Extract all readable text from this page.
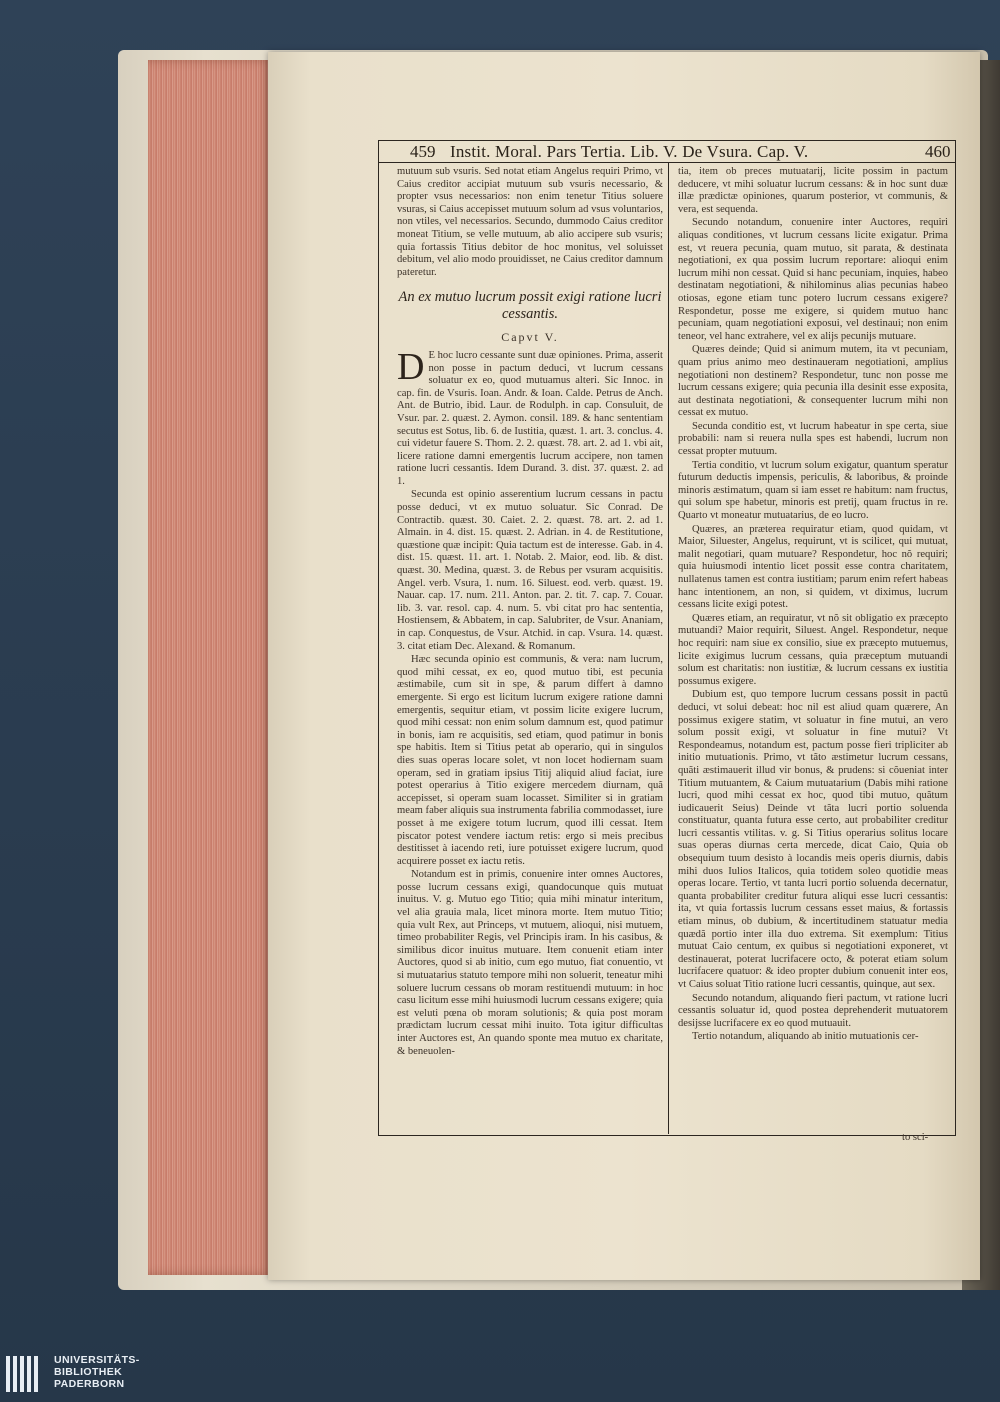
459 Instit. Moral. Pars Tertia. Lib. V. De Vsura. Cap. V.	460

mutuum sub vsuris. Sed notat etiam Angelus requiri Primo, vt Caius creditor accipiat mutuum sub vsuris necessario, & propter vsus necessarios: non enim tenetur Titius soluere vsuras, si Caius accepisset mutuum solum ad vsus voluntarios, non vtiles, vel necessarios. Secundo, dummodo Caius creditor moneat Titium, se velle mutuum, ab alio accipere sub vsuris; quia fortassis Titius debitor de hoc monitus, vel soluisset debitum, vel alio modo prouidisset, ne Caius creditor damnum pateretur.

An ex mutuo lucrum possit exigi ratione lucri cessantis.
Capvt V.

D E hoc lucro cessante sunt duæ opiniones. Prima, asserit non posse in pactum deduci, vt lucrum cessans soluatur ex eo, quod mutuamus alteri. Sic Innoc. in cap. fin. de Vsuris. Ioan. Andr. & Ioan. Calde. Petrus de Anch. Ant. de Butrio, ibid. Laur. de Rodulph. in cap. Consuluit, de Vsur. par. 2. quæst. 2. Aymon. consil. 189. & hanc sententiam secutus est Sotus, lib. 6. de Iustitia, quæst. 1. art. 3. conclus. 4. cui videtur fauere S. Thom. 2. 2. quæst. 78. art. 2. ad 1. vbi ait, licere ratione damni emergentis lucrum accipere, non tamen ratione lucri cessantis. Idem Durand. 3. dist. 37. quæst. 2. ad 1.

Secunda est opinio asserentium lucrum cessans in pactu posse deduci, vt ex mutuo soluatur. Sic Conrad. De Contractib. quæst. 30. Caiet. 2. 2. quæst. 78. art. 2. ad 1. Almain. in 4. dist. 15. quæst. 2. Adrian. in 4. de Restitutione, quæstione quæ incipit: Quia tactum est de interesse. Gab. in 4. dist. 15. quæst. 11. art. 1. Notab. 2. Maior, eod. lib. & dist. quæst. 30. Medina, quæst. 3. de Rebus per vsuram acquisitis. Angel. verb. Vsura, 1. num. 16. Siluest. eod. verb. quæst. 19. Nauar. cap. 17. num. 211. Anton. par. 2. tit. 7. cap. 7. Couar. lib. 3. var. resol. cap. 4. num. 5. vbi citat pro hac sententia, Hostiensem, & Abbatem, in cap. Salubriter, de Vsur. Ananiam, in cap. Conquestus, de Vsur. Atchid. in cap. Vsura. 14. quæst. 3. citat etiam Dec. Alexand. & Romanum.

Hæc secunda opinio est communis, & vera: nam lucrum, quod mihi cessat, ex eo, quod mutuo tibi, est pecunia æstimabile, cum sit in spe, & parum differt à damno emergente. Si ergo est licitum lucrum exigere ratione damni emergentis, sequitur etiam, vt possim licite exigere lucrum, quod mihi cessat: non enim solum damnum est, quod patimur in bonis, iam re acquisitis, sed etiam, quod patimur in bonis spe habitis. Item si Titius petat ab operario, qui in singulos dies suas operas locare solet, vt non locet hodiernam suam operam, sed in gratiam ipsius Titij aliquid aliud faciat, iure potest operarius à Titio exigere mercedem diurnam, quã accepisset, si operam suam locasset. Similiter si in gratiam meam faber aliquis sua instrumenta fabrilia commodasset, iure posset à me exigere totum lucrum, quod illi cessat. Item piscator potest vendere iactum retis: ergo si meis precibus destitisset à iacendo reti, iure potuisset exigere lucrum, quod acquirere posset ex iactu retis.

Notandum est in primis, conuenire inter omnes Auctores, posse lucrum cessans exigi, quandocunque quis mutuat inuitus. V. g. Mutuo ego Titio; quia mihi minatur interitum, vel alia grauia mala, licet minora morte. Item mutuo Titio; quia vult Rex, aut Princeps, vt mutuem, alioqui, nisi mutuem, timeo probabiliter Regis, vel Principis iram. In his casibus, & similibus dicor inuitus mutuare. Item conuenit etiam inter Auctores, quod si ab initio, cum ego mutuo, fiat conuentio, vt si mutuatarius statuto tempore mihi non soluerit, teneatur mihi soluere lucrum cessans ob moram restituendi mutuum: in hoc casu licitum esse mihi huiusmodi lucrum cessans exigere; quia est veluti pœna ob moram solutionis; & quia post moram prædictam lucrum cessat mihi inuito. Tota igitur difficultas inter Auctores est, An quando sponte mea mutuo ex charitate, & beneuolen-

tia, item ob preces mutuatarij, licite possim in pactum deducere, vt mihi soluatur lucrum cessans: & in hoc sunt duæ illæ prædictæ opiniones, quarum posterior, vt communis, & vera, est sequenda.

Secundo notandum, conuenire inter Auctores, requiri aliquas conditiones, vt lucrum cessans licite exigatur. Prima est, vt reuera pecunia, quam mutuo, sit parata, & destinata negotiationi, ex qua possim lucrum reportare: alioqui enim lucrum mihi non cessat. Quid si hanc pecuniam, inquies, habeo destinatam negotiationi, & nihilominus alias pecunias habeo otiosas, egone etiam tunc potero lucrum cessans exigere? Respondetur, posse me exigere, si quidem mutuo hanc pecuniam, quam negotiationi exposui, vel destinaui; non enim teneor, vel hanc extrahere, vel ex alijs pecunijs mutuare.

Quæres deinde; Quid si animum mutem, ita vt pecuniam, quam prius animo meo destinaueram negotiationi, amplius negotiationi non destinem? Respondetur, tunc non posse me lucrum cessans exigere; quia pecunia illa desinit esse exposita, aut destinata negotiationi, & consequenter lucrum mihi non cessat ex mutuo.

Secunda conditio est, vt lucrum habeatur in spe certa, siue probabili: nam si reuera nulla spes est habendi, lucrum non cessat propter mutuum.

Tertia conditio, vt lucrum solum exigatur, quantum speratur futurum deductis impensis, periculis, & laboribus, & proinde minoris æstimatum, quam si iam esset re habitum: nam fructus, qui solum spe habetur, minoris est pretij, quam fructus in re. Quarto vt moneatur mutuatarius, de eo lucro.

Quæres, an præterea requiratur etiam, quod quidam, vt Maior, Siluester, Angelus, requirunt, vt is scilicet, qui mutuat, malit negotiari, quam mutuare? Respondetur, hoc nõ requiri; quia huiusmodi intentio licet possit esse contra charitatem, nullatenus tamen est contra iustitiam; parum enim refert habeas hanc intentionem, an non, si quidem, vt diximus, lucrum cessans licite exigi potest.

Quæres etiam, an requiratur, vt nõ sit obligatio ex præcepto mutuandi? Maior requirit, Siluest. Angel. Respondetur, neque hoc requiri: nam siue ex consilio, siue ex præcepto mutuemus, licite exigimus lucrum cessans, quia præceptum mutuandi solum est charitatis: non iustitiæ, & lucrum cessans ex iustitia possumus exigere.

Dubium est, quo tempore lucrum cessans possit in pactũ deduci, vt solui debeat: hoc nil est aliud quam quærere, An possimus exigere statim, vt soluatur in fine mutui, an vero solum possit exigi, vt soluatur in fine mutui? Vt Respondeamus, notandum est, pactum posse fieri tripliciter ab initio mutuationis. Primo, vt tãto æstimetur lucrum cessans, quãti æstimauerit illud vir bonus, & prudens: si cõueniat inter Titium mutuantem, & Caium mutuatarium (Dabis mihi ratione lucri, quod mihi cessat ex hoc, quod tibi mutuo, quãtum iudicauerit Seius) Deinde vt tãta lucri portio soluenda constituatur, quanta futura esse certo, aut probabiliter creditur lucri cessantis vtilitas. v. g. Si Titius operarius solitus locare suas operas diurnas certa mercede, dicat Caio, Quia ob obsequium tuum desisto à locandis meis operis diurnis, dabis mihi duos Iulios Italicos, quia totidem soleo quotidie meas operas locare. Tertio, vt tanta lucri portio soluenda decernatur, quanta probabiliter creditur futura aliqui esse lucri cessantis: ita, vt quia fortassis lucrum cessans esset maius, & fortassis etiam minus, ob dubium, & incertitudinem statuatur media quædã portio inter illa duo extrema. Sit exemplum: Titius mutuat Caio centum, ex quibus si negotiationi exponeret, vt destinauerat, poterat lucrifacere octo, & poterat etiam solum lucrifacere quatuor: & ideo propter dubium conuenit inter eos, vt Caius soluat Titio ratione lucri cessantis, quinque, aut sex.

Secundo notandum, aliquando fieri pactum, vt ratione lucri cessantis soluatur id, quod postea deprehenderit mutuatorem desijsse lucrifacere ex eo quod mutuauit.

Tertio notandum, aliquando ab initio mutuationis cer-

to sci-
UNIVERSITÄTS-
BIBLIOTHEK
PADERBORN
